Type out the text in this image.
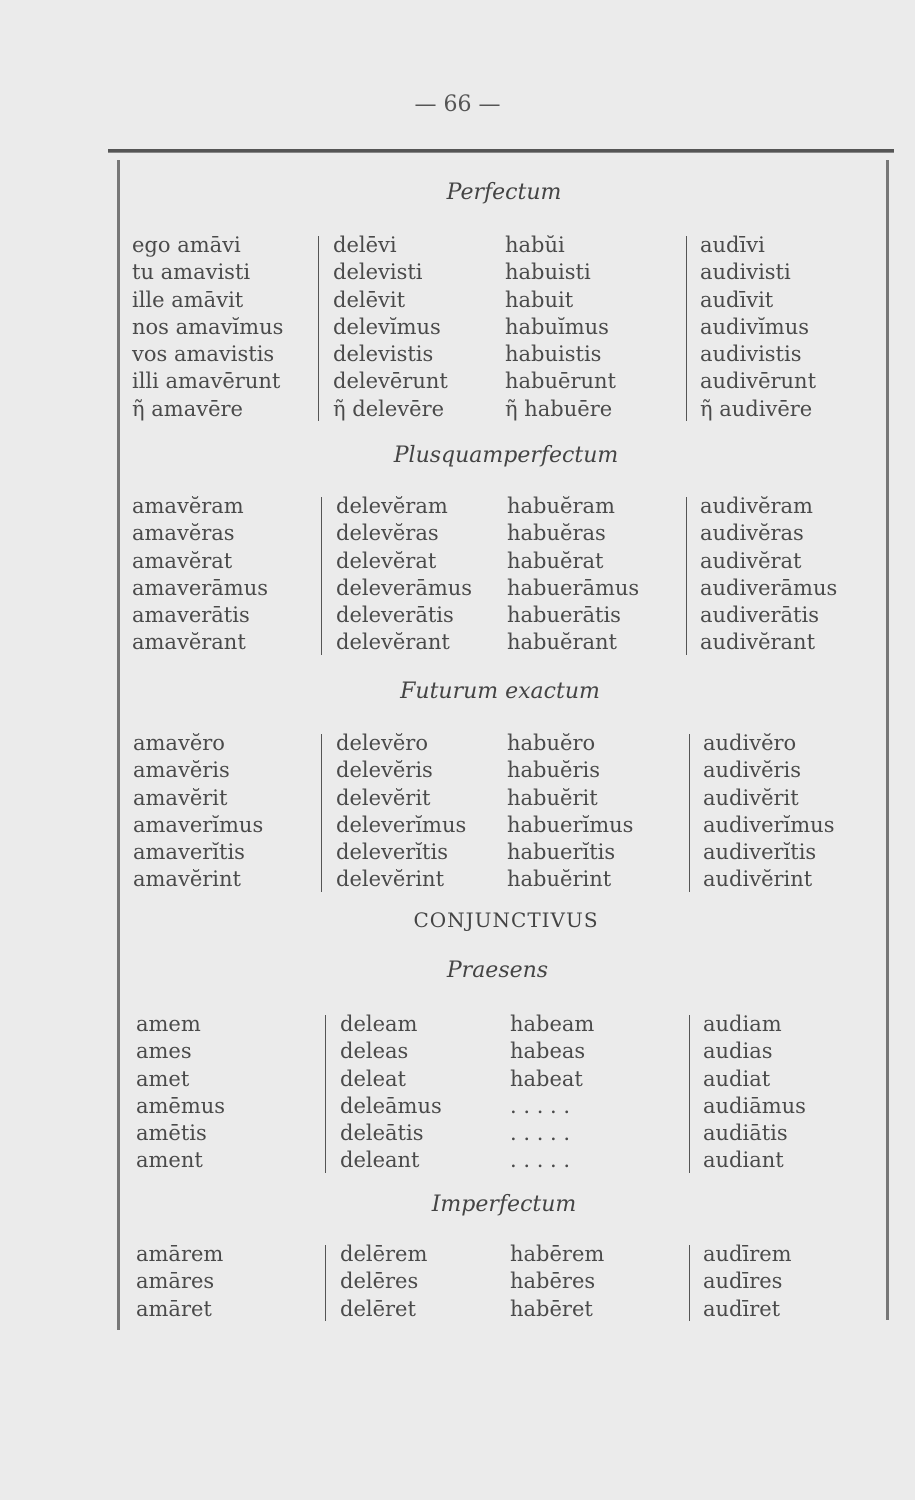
— 66 —
CONJUNCTIVUS
Perfectum
ego amāvi
tu amavisti
ille amāvit
nos amavĭmus
vos amavistis
illi amavērunt
ῆ amavēre
delēvi
delevisti
delēvit
delevĭmus
delevistis
delevērunt
ῆ delevēre
habŭi
habuisti
habuit
habuĭmus
habuistis
habuērunt
ῆ habuēre
audīvi
audivisti
audīvit
audivĭmus
audivistis
audivērunt
ῆ audivēre
Plusquamperfectum
amavĕram
amavĕras
amavĕrat
amaverāmus
amaverātis
amavĕrant
delevĕram
delevĕras
delevĕrat
deleverāmus
deleverātis
delevĕrant
habuĕram
habuĕras
habuĕrat
habuerāmus
habuerātis
habuĕrant
audivĕram
audivĕras
audivĕrat
audiverāmus
audiverātis
audivĕrant
Futurum exactum
amavĕro
amavĕris
amavĕrit
amaverĭmus
amaverĭtis
amavĕrint
delevĕro
delevĕris
delevĕrit
deleverĭmus
deleverĭtis
delevĕrint
habuĕro
habuĕris
habuĕrit
habuerĭmus
habuerĭtis
habuĕrint
audivĕro
audivĕris
audivĕrit
audiverĭmus
audiverĭtis
audivĕrint
Praesens
amem
ames
amet
amēmus
amētis
ament
deleam
deleas
deleat
deleāmus
deleātis
deleant
habeam
habeas
habeat
. . . . .
. . . . .
. . . . .
audiam
audias
audiat
audiāmus
audiātis
audiant
Imperfectum
amārem
amāres
amāret
delērem
delēres
delēret
habērem
habēres
habēret
audīrem
audīres
audīret
